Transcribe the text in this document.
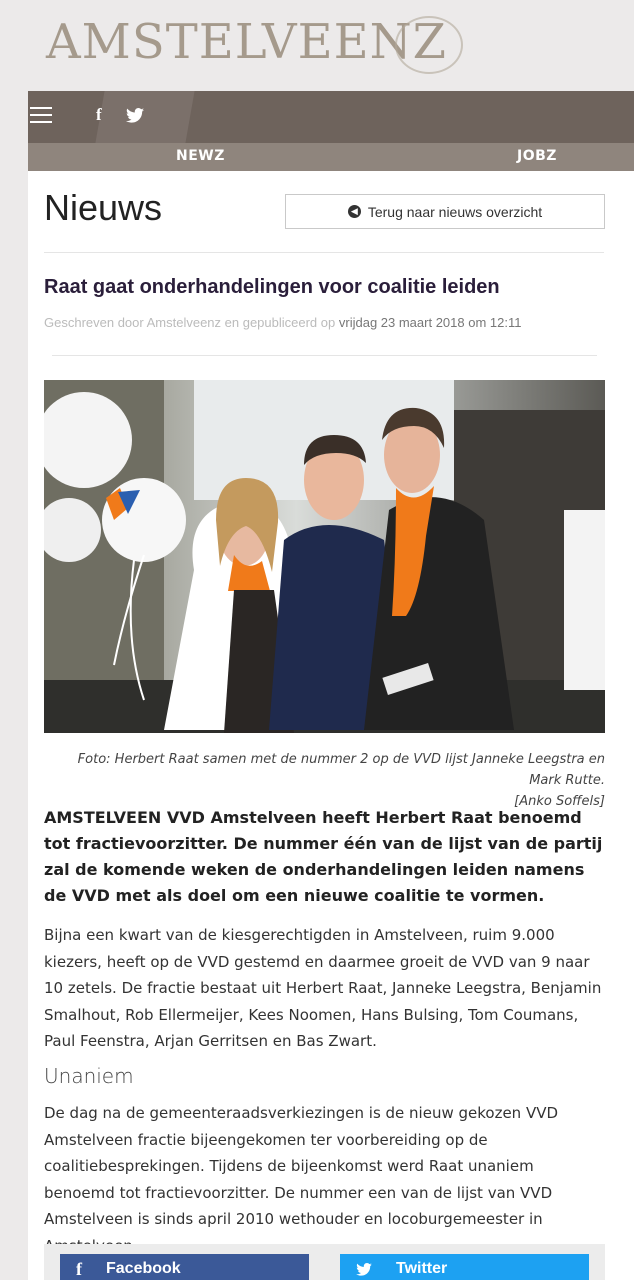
AMSTELVEENZ
f
NEWZ	JOBZ
Nieuws	◀ Terug naar nieuws overzicht
Raat gaat onderhandelingen voor coalitie leiden
Geschreven door Amstelveenz en gepubliceerd op vrijdag 23 maart 2018 om 12:11
Foto: Herbert Raat samen met de nummer 2 op de VVD lijst Janneke Leegstra en Mark Rutte.
[Anko Soffels]

AMSTELVEEN VVD Amstelveen heeft Herbert Raat benoemd tot fractievoorzitter. De nummer één van de lijst van de partij zal de komende weken de onderhandelingen leiden namens de VVD met als doel om een nieuwe coalitie te vormen.

Bijna een kwart van de kiesgerechtigden in Amstelveen, ruim 9.000 kiezers, heeft op de VVD gestemd en daarmee groeit de VVD van 9 naar 10 zetels. De fractie bestaat uit Herbert Raat, Janneke Leegstra, Benjamin Smalhout, Rob Ellermeijer, Kees Noomen, Hans Bulsing, Tom Coumans, Paul Feenstra, Arjan Gerritsen en Bas Zwart.

Unaniem

De dag na de gemeenteraadsverkiezingen is de nieuw gekozen VVD Amstelveen fractie bijeengekomen ter voorbereiding op de coalitiebesprekingen. Tijdens de bijeenkomst werd Raat unaniem benoemd tot fractievoorzitter. De nummer een van de lijst van VVD Amstelveen is sinds april 2010 wethouder en locoburgemeester in

f Facebook	Twitter
